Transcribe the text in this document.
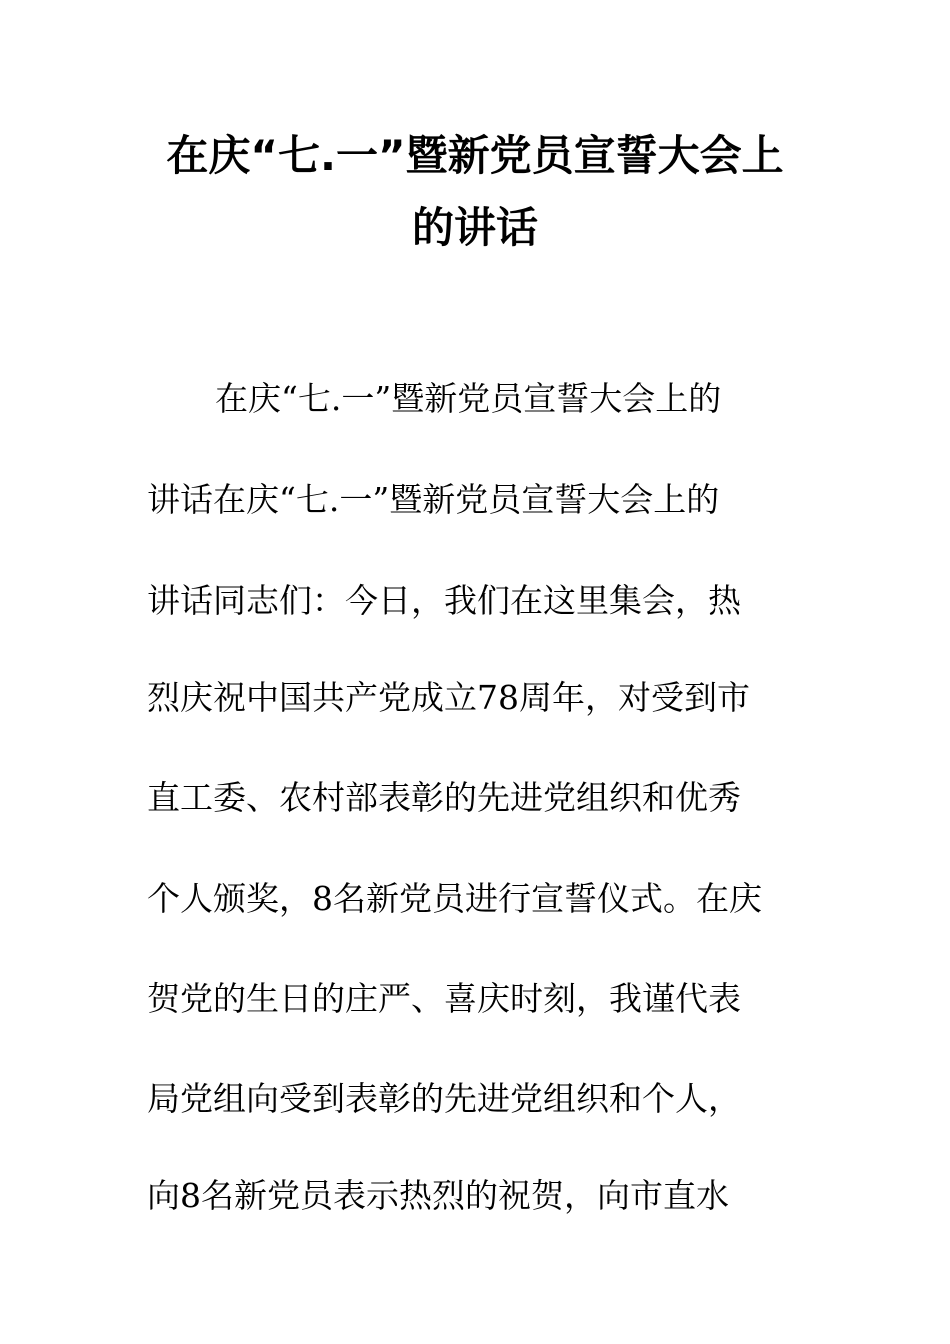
在庆“七.一”暨新党员宣誓大会上
的讲话
在庆“七.一”暨新党员宣誓大会上的
讲话在庆“七.一”暨新党员宣誓大会上的
讲话同志们：今日，我们在这里集会，热
烈庆祝中国共产党成立78周年，对受到市
直工委、农村部表彰的先进党组织和优秀
个人颁奖，8名新党员进行宣誓仪式。在庆
贺党的生日的庄严、喜庆时刻，我谨代表
局党组向受到表彰的先进党组织和个人，
向8名新党员表示热烈的祝贺，向市直水
